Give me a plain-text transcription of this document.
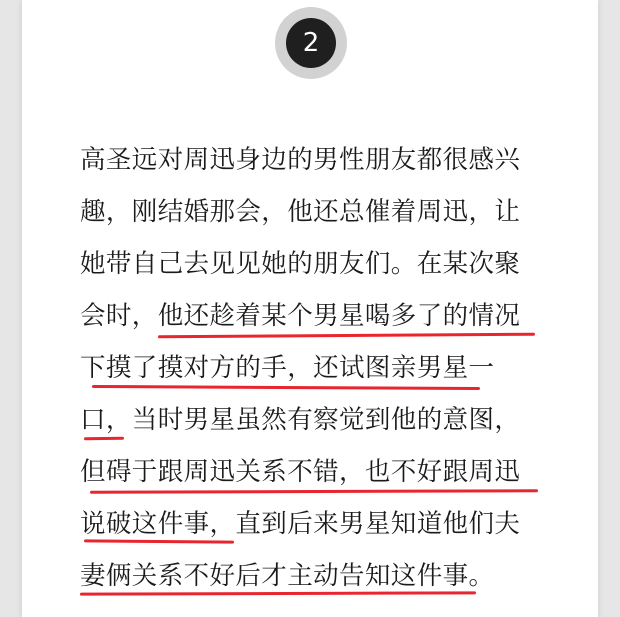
2
高圣远对周迅身边的男性朋友都很感兴
趣，刚结婚那会，他还总催着周迅，让
她带自己去见见她的朋友们。在某次聚
会时，他还趁着某个男星喝多了的情况
下摸了摸对方的手，还试图亲男星一
口，当时男星虽然有察觉到他的意图，
但碍于跟周迅关系不错，也不好跟周迅
说破这件事，直到后来男星知道他们夫
妻俩关系不好后才主动告知这件事。
